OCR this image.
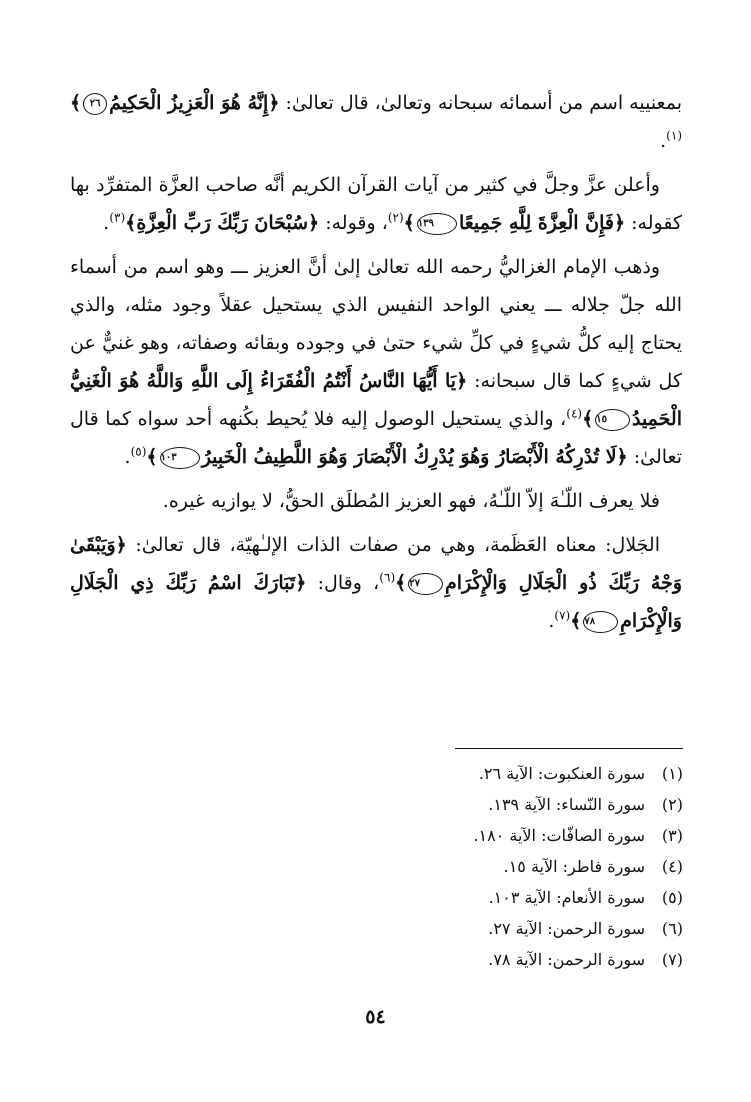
بمعنييه اسم من أسمائه سبحانه وتعالىٰ، قال تعالىٰ: ﴿إِنَّهُ هُوَ الْعَزِيزُ الْحَكِيمُ٢٦﴾$^{(١)}$.

وأعلن عزَّ وجلَّ في كثير من آيات القرآن الكريم أنَّه صاحب العزَّة المتفرِّد بها كقوله: ﴿فَإِنَّ الْعِزَّةَ لِلَّهِ جَمِيعًا١٣٩﴾$^{(٢)}$، وقوله: ﴿سُبْحَانَ رَبِّكَ رَبِّ الْعِزَّةِ﴾$^{(٣)}$.

وذهب الإمام الغزاليُّ رحمه الله تعالىٰ إلىٰ أنَّ العزيز ـــ وهو اسم من أسماء الله جلّ جلاله ـــ يعني الواحد النفيس الذي يستحيل عقلاً وجود مثله، والذي يحتاج إليه كلُّ شيءٍ في كلِّ شيء حتىٰ في وجوده وبقائه وصفاته، وهو غنيٌّ عن كل شيءٍ كما قال سبحانه: ﴿يَا أَيُّهَا النَّاسُ أَنْتُمُ الْفُقَرَاءُ إِلَى اللَّهِ وَاللَّهُ هُوَ الْغَنِيُّ الْحَمِيدُ١٥﴾$^{(٤)}$، والذي يستحيل الوصول إليه فلا يُحيط بكُنهه أحد سواه كما قال تعالىٰ: ﴿لَا تُدْرِكُهُ الْأَبْصَارُ وَهُوَ يُدْرِكُ الْأَبْصَارَ وَهُوَ اللَّطِيفُ الْخَبِيرُ١٠٣﴾$^{(٥)}$.

فلا يعرف اللّـٰهَ إلاّ اللّـٰهُ، فهو العزيز المُطلَق الحقُّ، لا يوازيه غيره.

الجَلال: معناه العَظَمة، وهي من صفات الذات الإلـٰهيّة، قال تعالىٰ: ﴿وَيَبْقَىٰ وَجْهُ رَبِّكَ ذُو الْجَلَالِ وَالْإِكْرَامِ٢٧﴾$^{(٦)}$، وقال: ﴿تَبَارَكَ اسْمُ رَبِّكَ ذِي الْجَلَالِ وَالْإِكْرَامِ٧٨﴾$^{(٧)}$.

(١)سورة العنكبوت: الآية ٢٦.
(٢)سورة النّساء: الآية ١٣٩.
(٣)سورة الصافّات: الآية ١٨٠.
(٤)سورة فاطر: الآية ١٥.
(٥)سورة الأنعام: الآية ١٠٣.
(٦)سورة الرحمن: الآية ٢٧.
(٧)سورة الرحمن: الآية ٧٨.
٥٤
